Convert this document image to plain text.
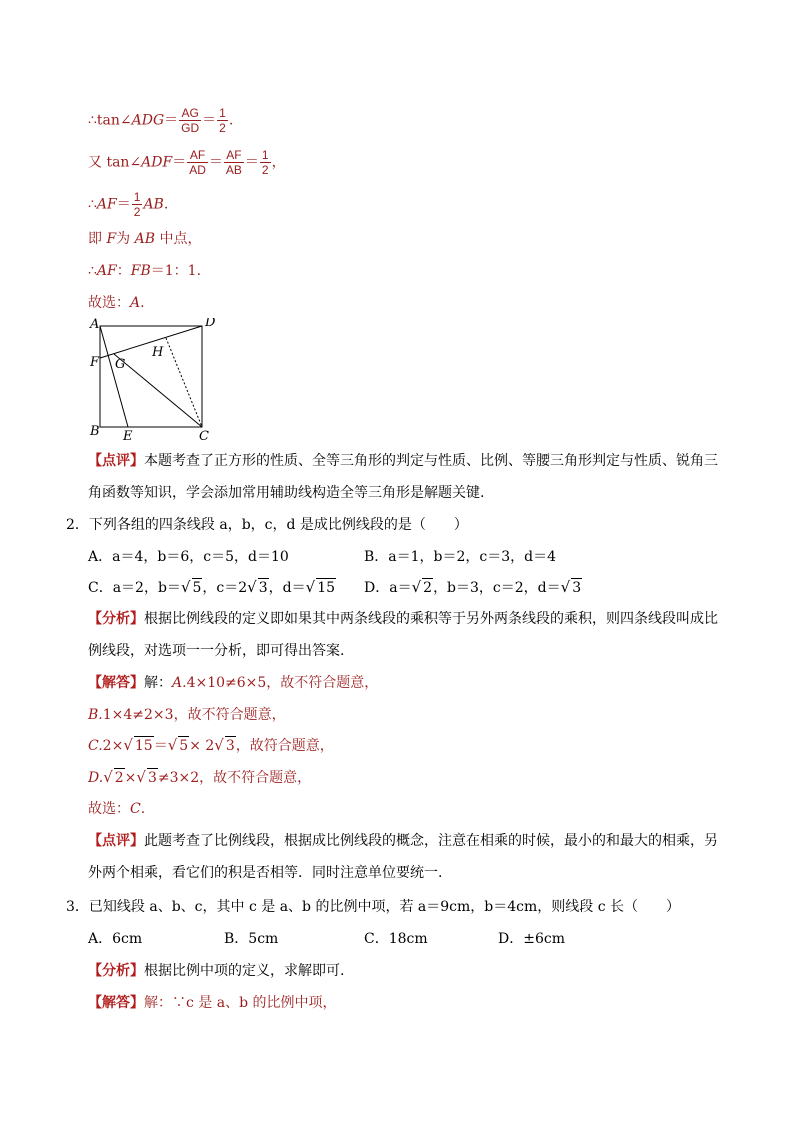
∴tan∠ADG＝ $\frac{AG}{GD} = \frac{1}{2}$ .
又 tan∠ADF＝ $\frac{AF}{AD} = \frac{AF}{AB} = \frac{1}{2}$ ，
∴AF＝ $\frac{1}{2}$ AB.
即 F为 AB 中点，
∴AF：FB＝1：1.
故选：A.
A	D
H
F G
B E	C
【点评】本题考查了正方形的性质、全等三角形的判定与性质、比例、等腰三角形判定与性质、锐角三
角函数等知识，学会添加常用辅助线构造全等三角形是解题关键.
2．下列各组的四条线段 a，b，c，d 是成比例线段的是（　　）
A．a＝4，b＝6，c＝5，d＝10	B．a＝1，b＝2，c＝3，d＝4
C．a＝2，b＝√ 5，c＝2√ 3，d＝√ 15 D．a＝√ 2，b＝3，c＝2，d＝√ 3
【分析】根据比例线段的定义即如果其中两条线段的乘积等于另外两条线段的乘积，则四条线段叫成比
例线段，对选项一一分析，即可得出答案.
【解答】解：A.4×10≠6×5，故不符合题意，
B.1×4≠2×3，故不符合题意，
C.2×√ 15＝√ 5× 2√ 3，故符合题意，
D.√ 2×√ 3≠3×2，故不符合题意，
故选：C.
【点评】此题考查了比例线段，根据成比例线段的概念，注意在相乘的时候，最小的和最大的相乘，另
外两个相乘，看它们的积是否相等．同时注意单位要统一.
3．已知线段 a、b、c，其中 c 是 a、b 的比例中项，若 a＝9cm，b＝4cm，则线段 c 长（　　）
A．6cm	B．5cm	C．18cm	D．±6cm
【分析】根据比例中项的定义，求解即可.
【解答】解：∵c 是 a、b 的比例中项，
